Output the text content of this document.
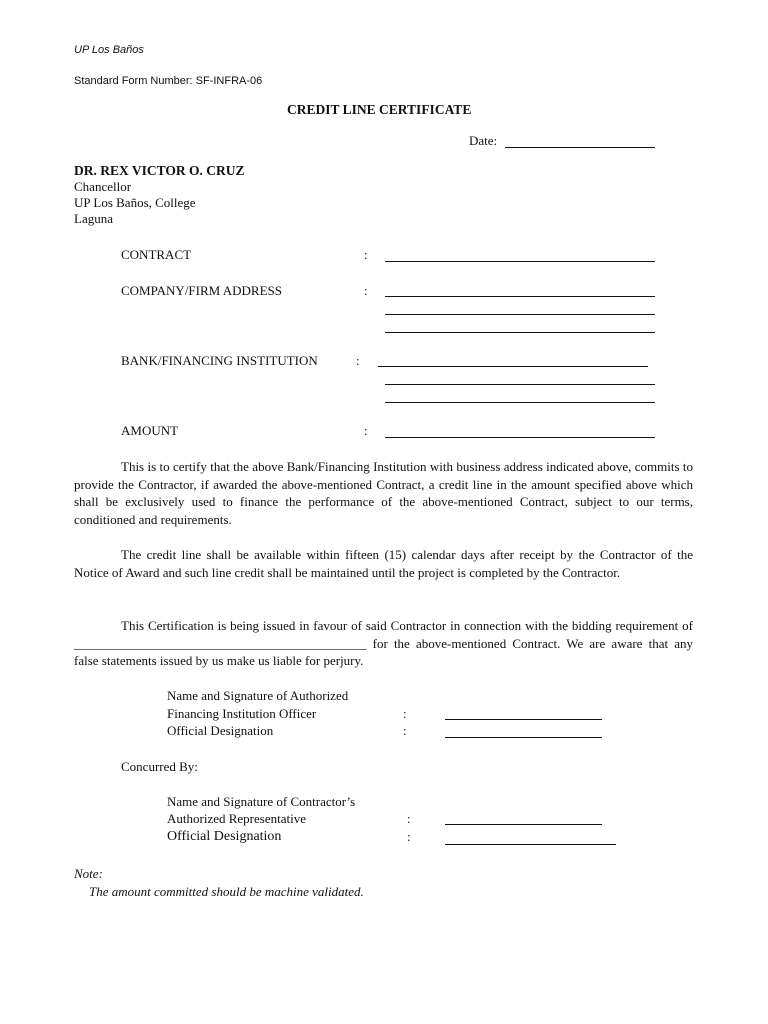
UP Los Baños
Standard Form Number: SF-INFRA-06
CREDIT LINE CERTIFICATE
Date:
DR. REX VICTOR O. CRUZ
Chancellor
UP Los Baños, College
Laguna
CONTRACT	:
COMPANY/FIRM ADDRESS	:
BANK/FINANCING INSTITUTION	:
AMOUNT	:
This is to certify that the above Bank/Financing Institution with business address indicated above, commits to provide the Contractor, if awarded the above-mentioned Contract, a credit line in the amount specified above which shall be exclusively used to finance the performance of the above-mentioned Contract, subject to our terms, conditioned and requirements.
The credit line shall be available within fifteen (15) calendar days after receipt by the Contractor of the Notice of Award and such line credit shall be maintained until the project is completed by the Contractor.
This Certification is being issued in favour of said Contractor in connection with the bidding requirement of _____________________________________________ for the above-mentioned Contract. We are aware that any false statements issued by us make us liable for perjury.
Name and Signature of Authorized
Financing Institution Officer	:
Official Designation	:
Concurred By:
Name and Signature of Contractor’s
Authorized Representative	:
Official Designation	:
Note:
The amount committed should be machine validated.
